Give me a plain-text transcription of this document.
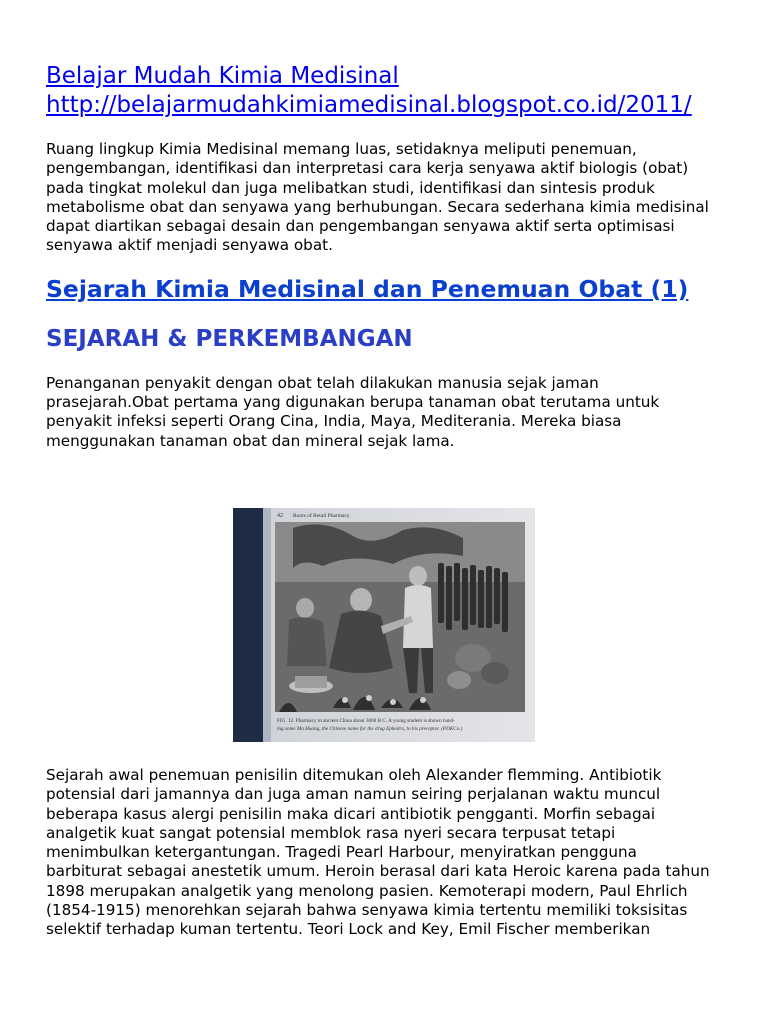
Belajar Mudah Kimia Medisinal
http://belajarmudahkimiamedisinal.blogspot.co.id/2011/
Ruang lingkup Kimia Medisinal memang luas, setidaknya meliputi penemuan,
pengembangan, identifikasi dan interpretasi cara kerja senyawa aktif biologis (obat)
pada tingkat molekul dan juga melibatkan studi, identifikasi dan sintesis produk
metabolisme obat dan senyawa yang berhubungan. Secara sederhana kimia medisinal
dapat diartikan sebagai desain dan pengembangan senyawa aktif serta optimisasi
senyawa aktif menjadi senyawa obat.
Sejarah Kimia Medisinal dan Penemuan Obat (1)
SEJARAH & PERKEMBANGAN
Penanganan penyakit dengan obat telah dilakukan manusia sejak jaman
prasejarah.Obat pertama yang digunakan berupa tanaman obat terutama untuk
penyakit infeksi seperti Orang Cina, India, Maya, Mediterania. Mereka biasa
menggunakan tanaman obat dan mineral sejak lama.
42 Roots of Retail Pharmacy
FIG. 12. Pharmacy in ancient China about 3000 B.C. A young student is shown hand-
ing some Ma Huang, the Chinese name for the drug Ephedra, to his preceptor. (PDKCo.)
Sejarah awal penemuan penisilin ditemukan oleh Alexander flemming. Antibiotik
potensial dari jamannya dan juga aman namun seiring perjalanan waktu muncul
beberapa kasus alergi penisilin maka dicari antibiotik pengganti. Morfin sebagai
analgetik kuat sangat potensial memblok rasa nyeri secara terpusat tetapi
menimbulkan ketergantungan. Tragedi Pearl Harbour, menyiratkan pengguna
barbiturat sebagai anestetik umum. Heroin berasal dari kata Heroic karena pada tahun
1898 merupakan analgetik yang menolong pasien. Kemoterapi modern, Paul Ehrlich
(1854-1915) menorehkan sejarah bahwa senyawa kimia tertentu memiliki toksisitas
selektif terhadap kuman tertentu. Teori Lock and Key, Emil Fischer memberikan
